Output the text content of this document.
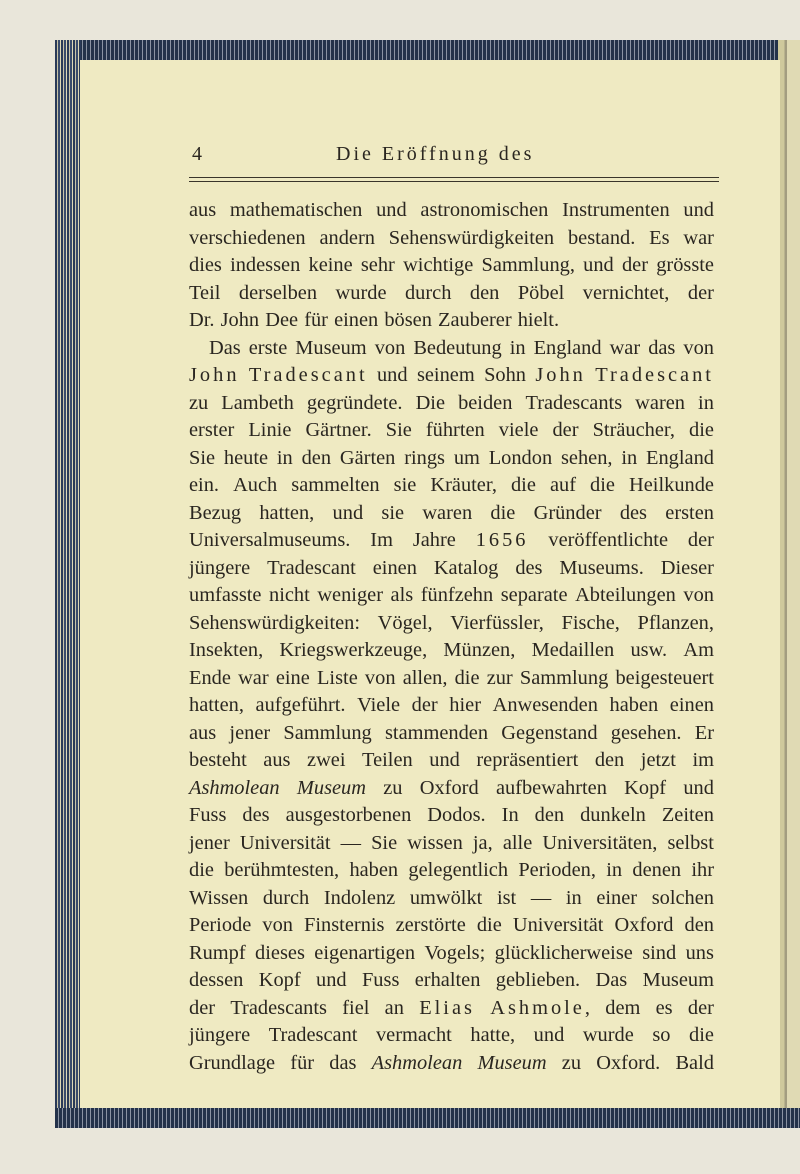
4	Die Eröffnung des
aus mathematischen und astronomischen Instrumenten und
verschiedenen andern Sehenswürdigkeiten bestand. Es war
dies indessen keine sehr wichtige Sammlung, und der grösste
Teil derselben wurde durch den Pöbel vernichtet, der
Dr. John Dee für einen bösen Zauberer hielt.
Das erste Museum von Bedeutung in England war das von
John Tradescant und seinem Sohn John Tradescant
zu Lambeth gegründete. Die beiden Tradescants waren in
erster Linie Gärtner. Sie führten viele der Sträucher, die
Sie heute in den Gärten rings um London sehen, in England
ein. Auch sammelten sie Kräuter, die auf die Heilkunde
Bezug hatten, und sie waren die Gründer des ersten
Universalmuseums. Im Jahre 1656 veröffentlichte der
jüngere Tradescant einen Katalog des Museums. Dieser
umfasste nicht weniger als fünfzehn separate Abteilungen von
Sehenswürdigkeiten: Vögel, Vierfüssler, Fische, Pflanzen,
Insekten, Kriegswerkzeuge, Münzen, Medaillen usw. Am
Ende war eine Liste von allen, die zur Sammlung beigesteuert
hatten, aufgeführt. Viele der hier Anwesenden haben einen
aus jener Sammlung stammenden Gegenstand gesehen. Er
besteht aus zwei Teilen und repräsentiert den jetzt im
Ashmolean Museum zu Oxford aufbewahrten Kopf und
Fuss des ausgestorbenen Dodos. In den dunkeln Zeiten
jener Universität — Sie wissen ja, alle Universitäten, selbst
die berühmtesten, haben gelegentlich Perioden, in denen ihr
Wissen durch Indolenz umwölkt ist — in einer solchen
Periode von Finsternis zerstörte die Universität Oxford den
Rumpf dieses eigenartigen Vogels; glücklicherweise sind uns
dessen Kopf und Fuss erhalten geblieben. Das Museum
der Tradescants fiel an Elias Ashmole, dem es der
jüngere Tradescant vermacht hatte, und wurde so die
Grundlage für das Ashmolean Museum zu Oxford. Bald
